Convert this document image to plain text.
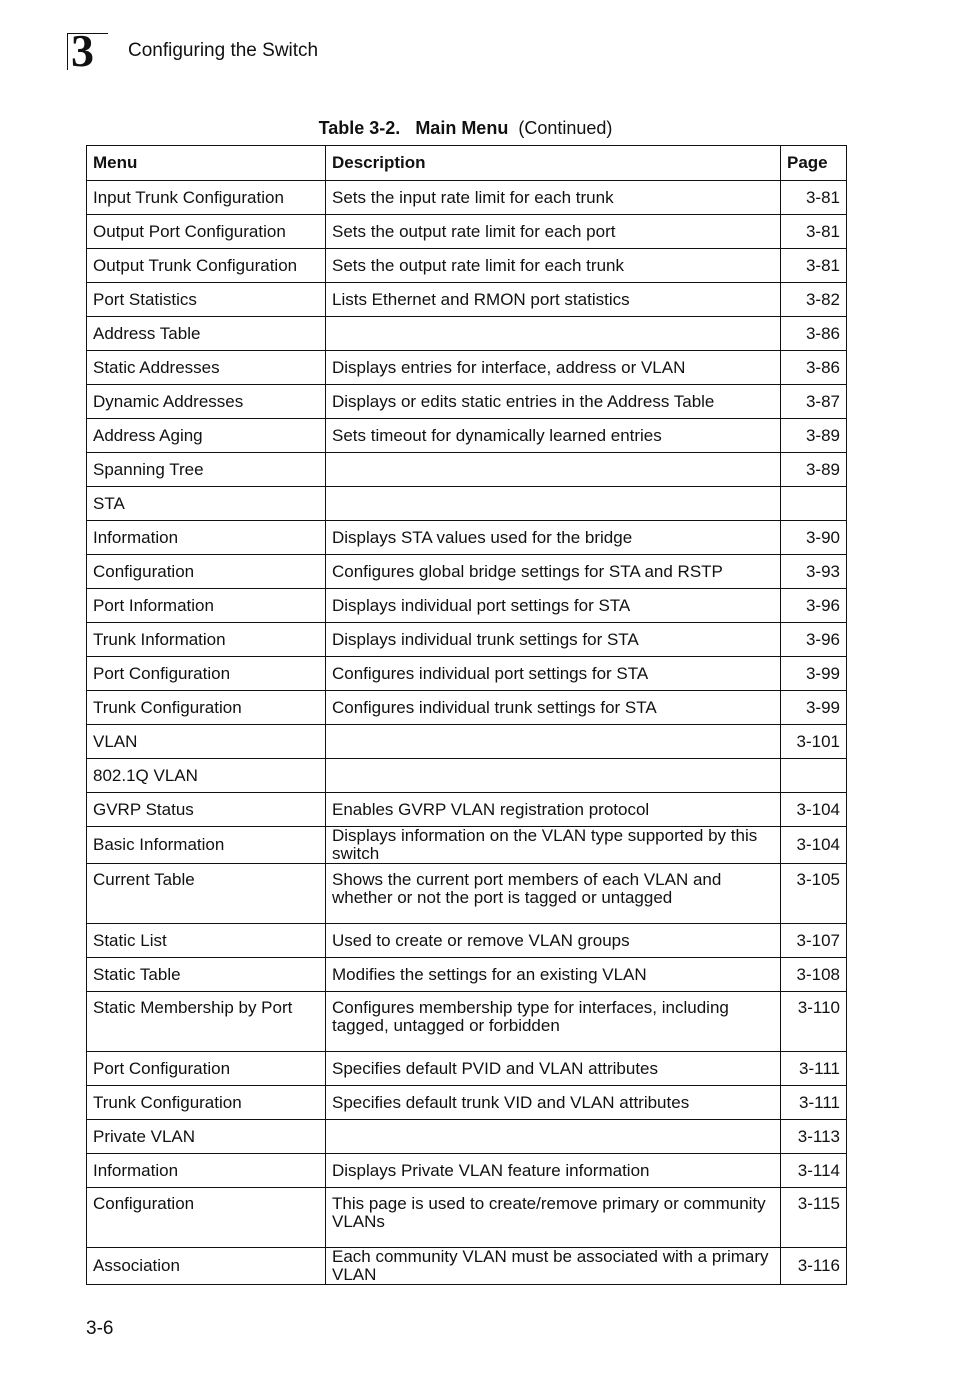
3 Configuring the Switch
Table 3-2. Main Menu (Continued)
Menu	Description	Page
Input Trunk Configuration	Sets the input rate limit for each trunk	3-81
Output Port Configuration	Sets the output rate limit for each port	3-81
Output Trunk Configuration	Sets the output rate limit for each trunk	3-81
Port Statistics	Lists Ethernet and RMON port statistics	3-82
Address Table		3-86
Static Addresses	Displays entries for interface, address or VLAN	3-86
Dynamic Addresses	Displays or edits static entries in the Address Table	3-87
Address Aging	Sets timeout for dynamically learned entries	3-89
Spanning Tree		3-89
STA		
Information	Displays STA values used for the bridge	3-90
Configuration	Configures global bridge settings for STA and RSTP	3-93
Port Information	Displays individual port settings for STA	3-96
Trunk Information	Displays individual trunk settings for STA	3-96
Port Configuration	Configures individual port settings for STA	3-99
Trunk Configuration	Configures individual trunk settings for STA	3-99
VLAN		3-101
802.1Q VLAN		
GVRP Status	Enables GVRP VLAN registration protocol	3-104
Basic Information	Displays information on the VLAN type supported by this switch	3-104
Current Table	Shows the current port members of each VLAN and whether or not the port is tagged or untagged	3-105
Static List	Used to create or remove VLAN groups	3-107
Static Table	Modifies the settings for an existing VLAN	3-108
Static Membership by Port	Configures membership type for interfaces, including tagged, untagged or forbidden	3-110
Port Configuration	Specifies default PVID and VLAN attributes	3-111
Trunk Configuration	Specifies default trunk VID and VLAN attributes	3-111
Private VLAN		3-113
Information	Displays Private VLAN feature information	3-114
Configuration	This page is used to create/remove primary or community VLANs	3-115
Association	Each community VLAN must be associated with a primary VLAN	3-116
3-6
